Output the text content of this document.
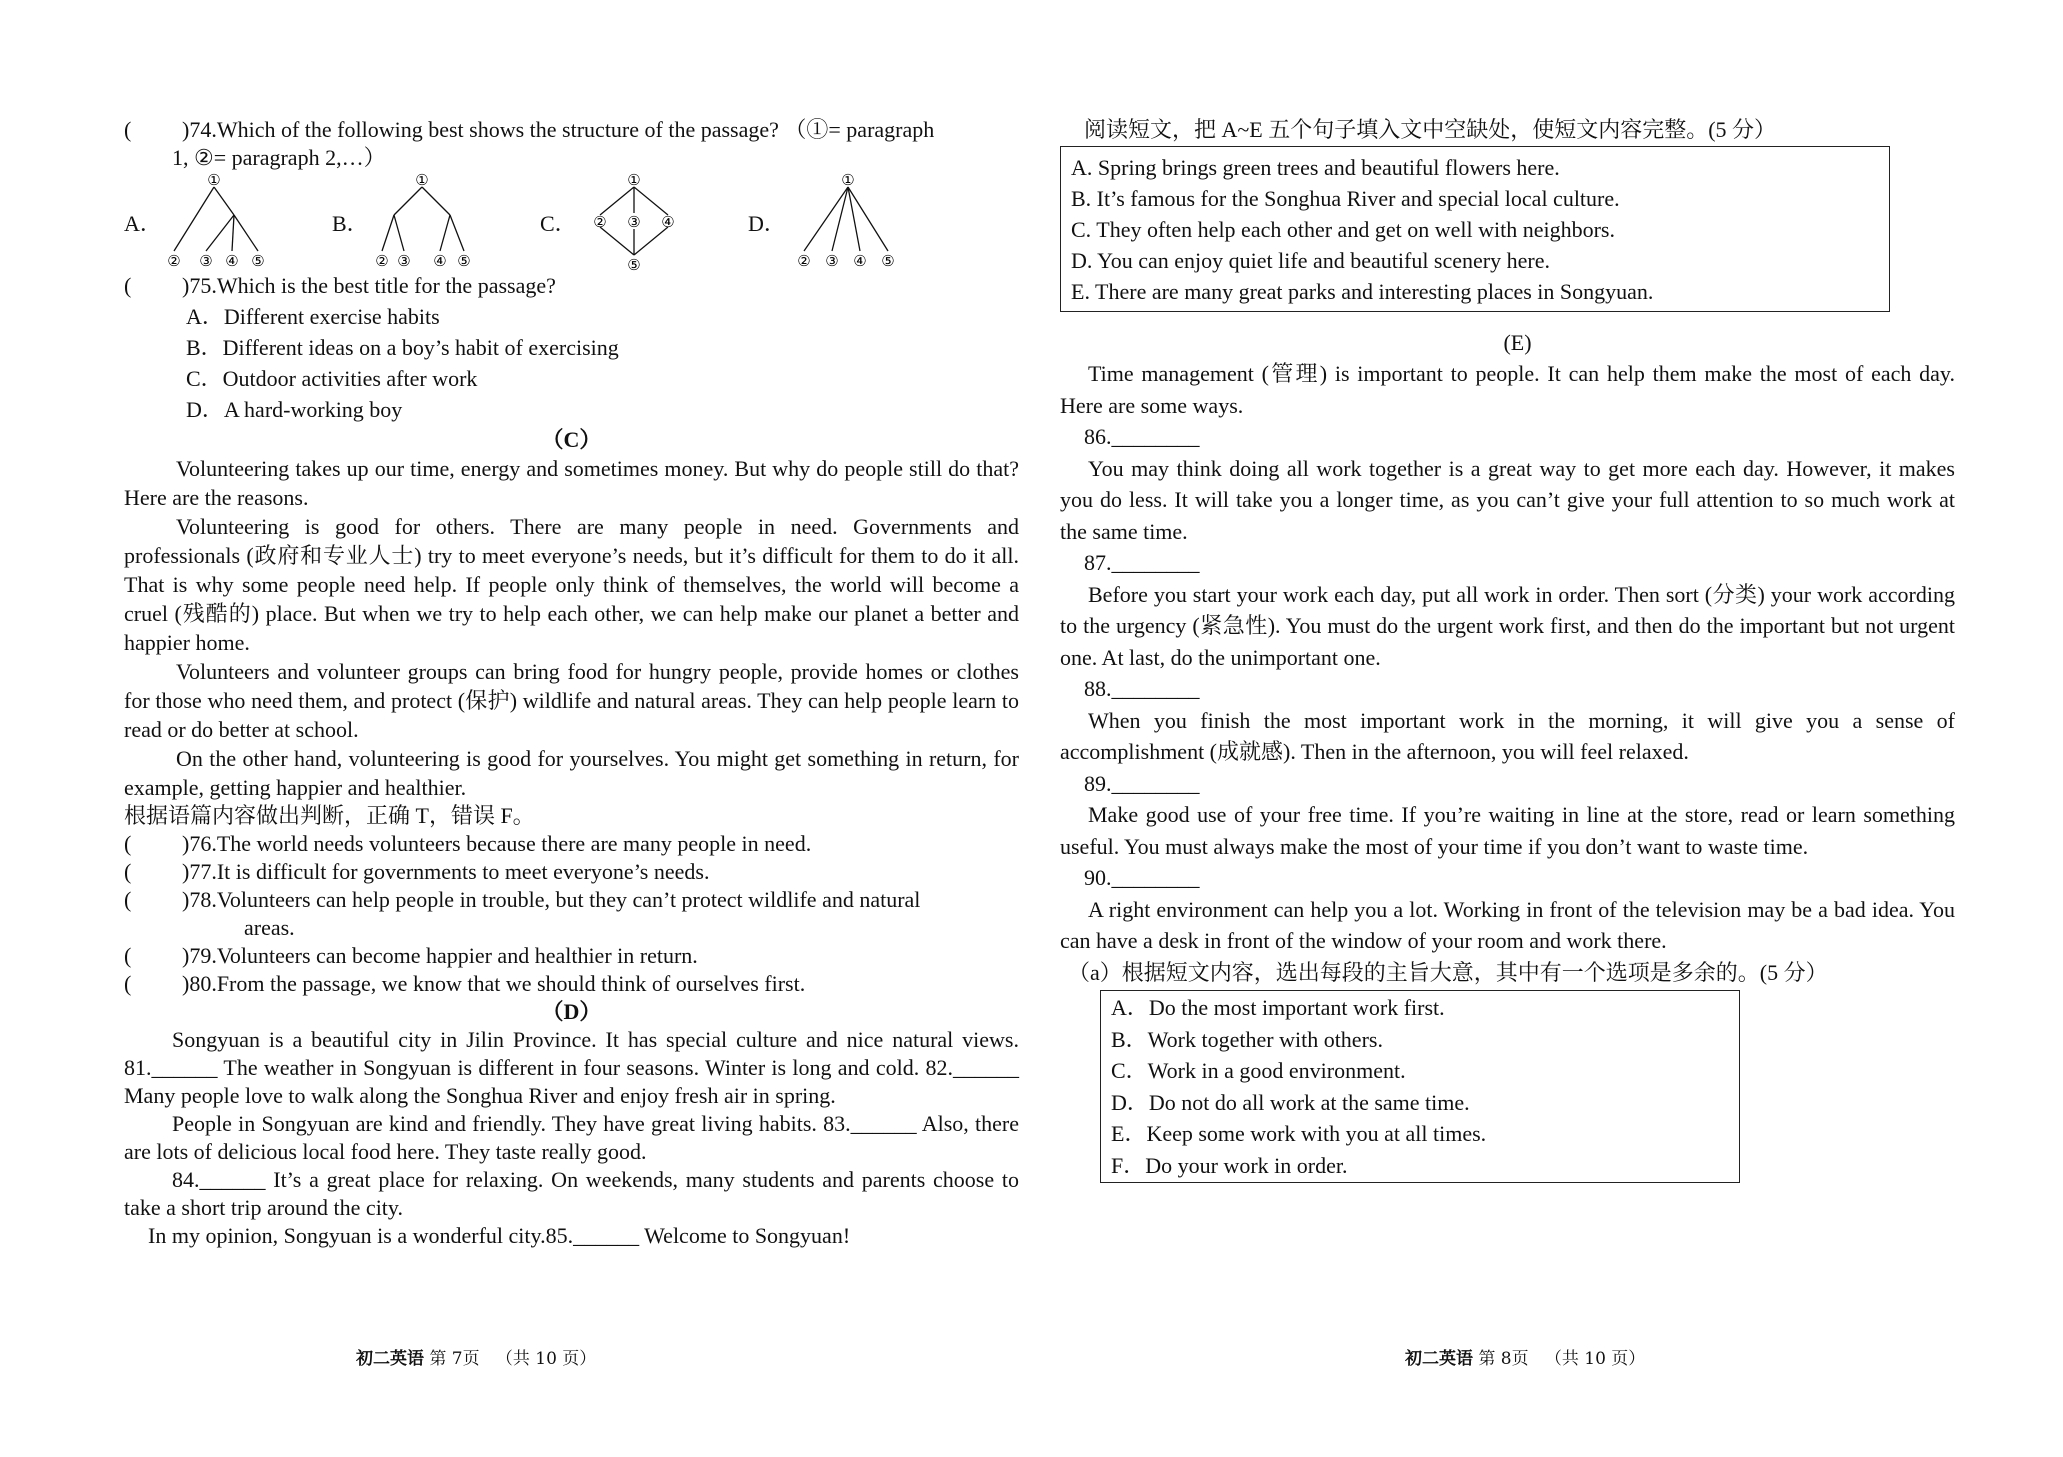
(	)74.Which of the following best shows the structure of the passage? （①= paragraph
1, ②= paragraph 2,…）
A．
①
② ③ ④ ⑤
B．
①
② ③ ④ ⑤
C．
①
② ③ ④
⑤
D．
①
② ③ ④ ⑤
(	)75.Which is the best title for the passage?
A．Different exercise habits
B．Different ideas on a boy’s habit of exercising
C．Outdoor activities after work
D．A hard-working boy
（C）

Volunteering takes up our time, energy and sometimes money. But why do people still do that? Here are the reasons.

Volunteering is good for others. There are many people in need. Governments and professionals (政府和专业人士) try to meet everyone’s needs, but it’s difficult for them to do it all. That is why some people need help. If people only think of themselves, the world will become a cruel (残酷的) place. But when we try to help each other, we can help make our planet a better and happier home.

Volunteers and volunteer groups can bring food for hungry people, provide homes or clothes for those who need them, and protect (保护) wildlife and natural areas. They can help people learn to read or do better at school.

On the other hand, volunteering is good for yourselves. You might get something in return, for example, getting happier and healthier.

根据语篇内容做出判断，正确 T，错误 F。
(	)76.The world needs volunteers because there are many people in need.
(	)77.It is difficult for governments to meet everyone’s needs.
(	)78.Volunteers can help people in trouble, but they can’t protect wildlife and natural
areas.
(	)79.Volunteers can become happier and healthier in return.
(	)80.From the passage, we know that we should think of ourselves first.
（D）

Songyuan is a beautiful city in Jilin Province. It has special culture and nice natural views. 81.______ The weather in Songyuan is different in four seasons. Winter is long and cold. 82.______ Many people love to walk along the Songhua River and enjoy fresh air in spring.

People in Songyuan are kind and friendly. They have great living habits. 83.______ Also, there are lots of delicious local food here. They taste really good.

84.______ It’s a great place for relaxing. On weekends, many students and parents choose to take a short trip around the city.

In my opinion, Songyuan is a wonderful city.85.______ Welcome to Songyuan!

初二英语 第 7页 （共 10 页）
阅读短文，把 A~E 五个句子填入文中空缺处，使短文内容完整。(5 分）
A. Spring brings green trees and beautiful flowers here.
B. It’s famous for the Songhua River and special local culture.
C. They often help each other and get on well with neighbors.
D. You can enjoy quiet life and beautiful scenery here.
E. There are many great parks and interesting places in Songyuan.
(E)

Time management (管理) is important to people. It can help them make the most of each day. Here are some ways.

86.________

You may think doing all work together is a great way to get more each day. However, it makes you do less. It will take you a longer time, as you can’t give your full attention to so much work at the same time.

87.________

Before you start your work each day, put all work in order. Then sort (分类) your work according to the urgency (紧急性). You must do the urgent work first, and then do the important but not urgent one. At last, do the unimportant one.

88.________

When you finish the most important work in the morning, it will give you a sense of accomplishment (成就感). Then in the afternoon, you will feel relaxed.

89.________

Make good use of your free time. If you’re waiting in line at the store, read or learn something useful. You must always make the most of your time if you don’t want to waste time.

90.________

A right environment can help you a lot. Working in front of the television may be a bad idea. You can have a desk in front of the window of your room and work there.

（a）根据短文内容，选出每段的主旨大意，其中有一个选项是多余的。(5 分）
A．Do the most important work first.
B．Work together with others.
C．Work in a good environment.
D．Do not do all work at the same time.
E．Keep some work with you at all times.
F．Do your work in order.
初二英语 第 8页 （共 10 页）
